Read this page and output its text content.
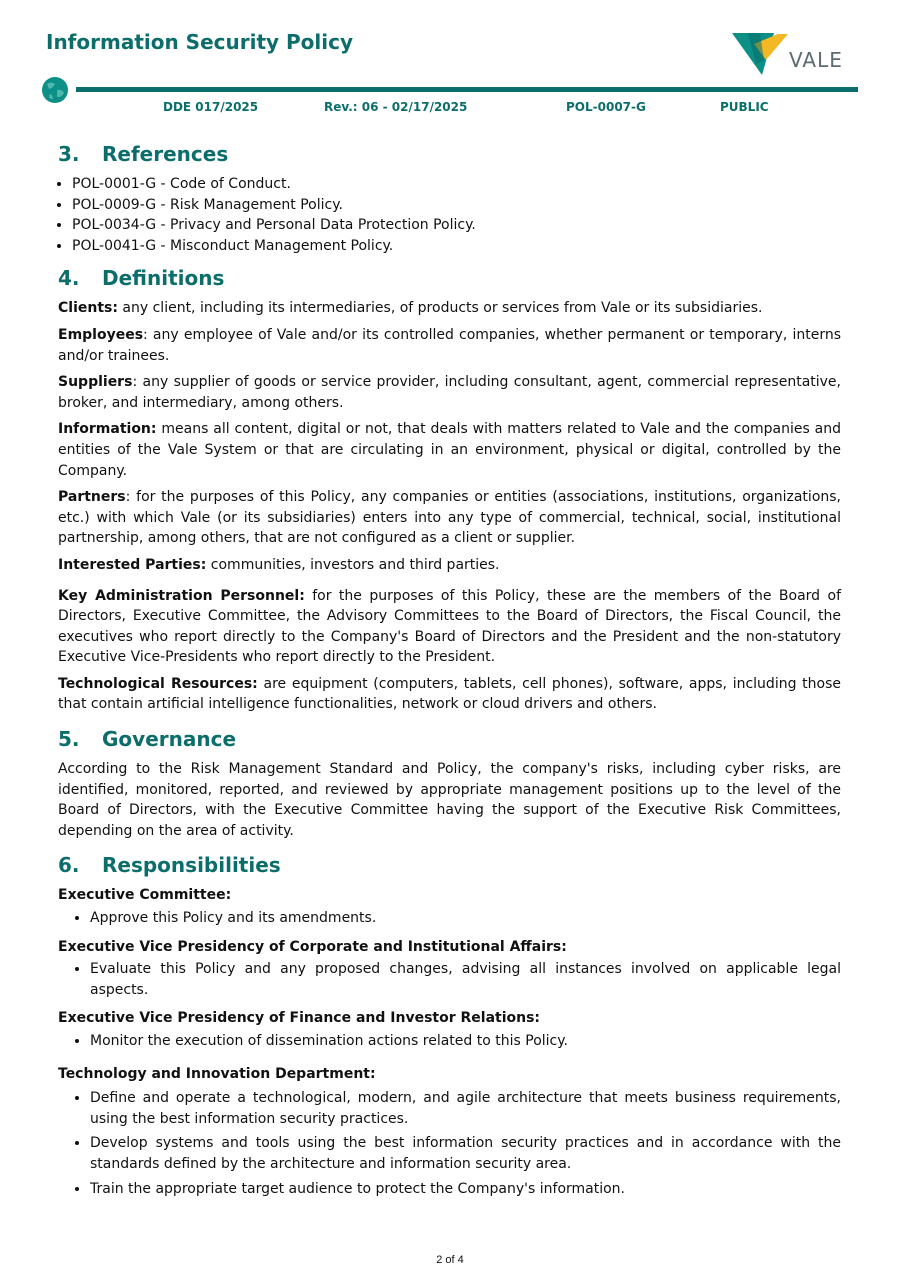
Information Security Policy
VALE
DDE 017/2025	Rev.: 06 - 02/17/2025	POL-0007-G	PUBLIC
3. References
• POL-0001-G - Code of Conduct.
• POL-0009-G - Risk Management Policy.
• POL-0034-G - Privacy and Personal Data Protection Policy.
• POL-0041-G - Misconduct Management Policy.
4. Definitions

Clients: any client, including its intermediaries, of products or services from Vale or its subsidiaries.

Employees: any employee of Vale and/or its controlled companies, whether permanent or temporary, interns and/or trainees.

Suppliers: any supplier of goods or service provider, including consultant, agent, commercial representative, broker, and intermediary, among others.

Information: means all content, digital or not, that deals with matters related to Vale and the companies and entities of the Vale System or that are circulating in an environment, physical or digital, controlled by the Company.

Partners: for the purposes of this Policy, any companies or entities (associations, institutions, organizations, etc.) with which Vale (or its subsidiaries) enters into any type of commercial, technical, social, institutional partnership, among others, that are not configured as a client or supplier.

Interested Parties: communities, investors and third parties.

Key Administration Personnel: for the purposes of this Policy, these are the members of the Board of Directors, Executive Committee, the Advisory Committees to the Board of Directors, the Fiscal Council, the executives who report directly to the Company's Board of Directors and the President and the non-statutory Executive Vice-Presidents who report directly to the President.

Technological Resources: are equipment (computers, tablets, cell phones), software, apps, including those that contain artificial intelligence functionalities, network or cloud drivers and others.

5. Governance

According to the Risk Management Standard and Policy, the company's risks, including cyber risks, are identified, monitored, reported, and reviewed by appropriate management positions up to the level of the Board of Directors, with the Executive Committee having the support of the Executive Risk Committees, depending on the area of activity.

6. Responsibilities
Executive Committee:
• Approve this Policy and its amendments.
Executive Vice Presidency of Corporate and Institutional Affairs:
• Evaluate this Policy and any proposed changes, advising all instances involved on applicable legal aspects.
Executive Vice Presidency of Finance and Investor Relations:
• Monitor the execution of dissemination actions related to this Policy.
Technology and Innovation Department:
• Define and operate a technological, modern, and agile architecture that meets business requirements, using the best information security practices.
• Develop systems and tools using the best information security practices and in accordance with the standards defined by the architecture and information security area.
• Train the appropriate target audience to protect the Company's information.
2 of 4
